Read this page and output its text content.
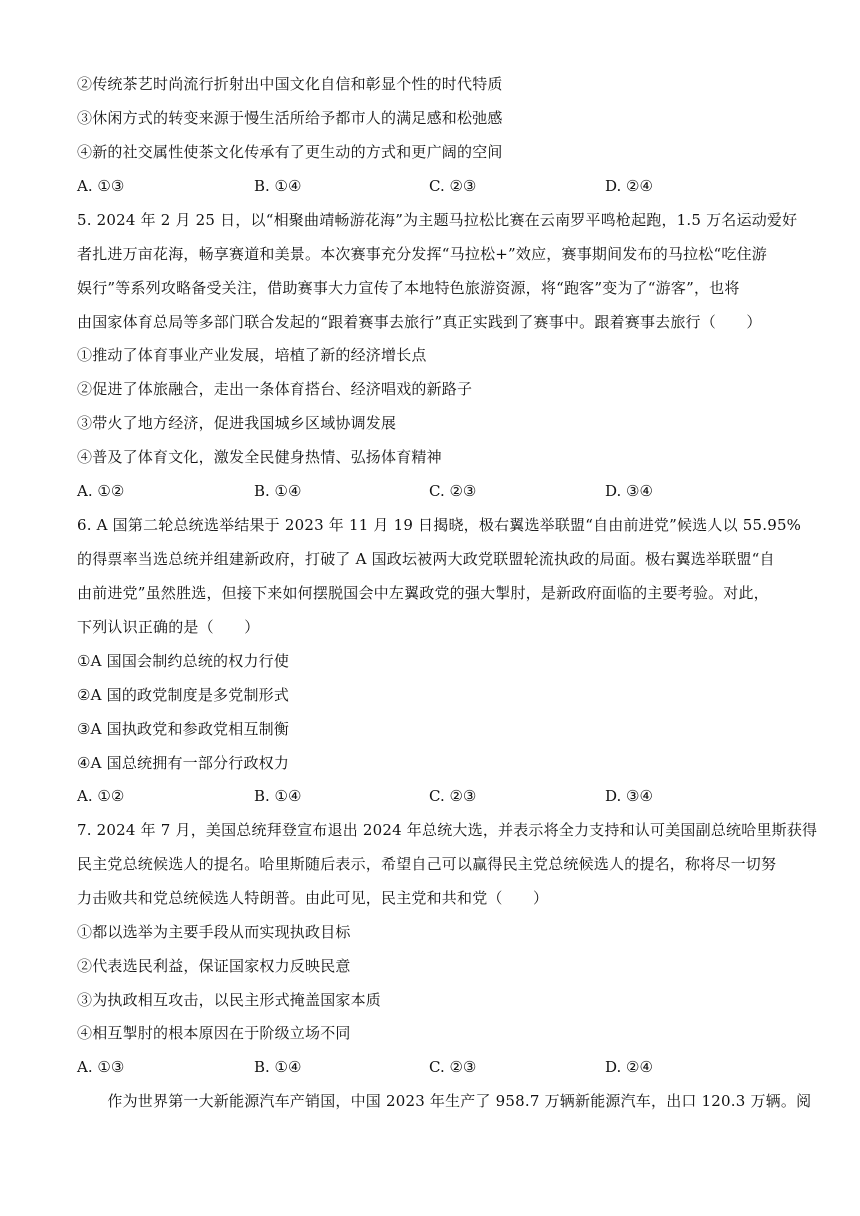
②传统茶艺时尚流行折射出中国文化自信和彰显个性的时代特质
③休闲方式的转变来源于慢生活所给予都市人的满足感和松弛感
④新的社交属性使茶文化传承有了更生动的方式和更广阔的空间
A. ①③	B. ①④	C. ②③	D. ②④
5. 2024 年 2 月 25 日，以“相聚曲靖畅游花海”为主题马拉松比赛在云南罗平鸣枪起跑，1.5 万名运动爱好
者扎进万亩花海，畅享赛道和美景。本次赛事充分发挥“马拉松+”效应，赛事期间发布的马拉松“吃住游
娱行”等系列攻略备受关注，借助赛事大力宣传了本地特色旅游资源，将“跑客”变为了“游客”，也将
由国家体育总局等多部门联合发起的“跟着赛事去旅行”真正实践到了赛事中。跟着赛事去旅行（　　）
①推动了体育事业产业发展，培植了新的经济增长点
②促进了体旅融合，走出一条体育搭台、经济唱戏的新路子
③带火了地方经济，促进我国城乡区域协调发展
④普及了体育文化，激发全民健身热情、弘扬体育精神
A. ①②	B. ①④	C. ②③	D. ③④
6. A 国第二轮总统选举结果于 2023 年 11 月 19 日揭晓，极右翼选举联盟“自由前进党”候选人以 55.95%
的得票率当选总统并组建新政府，打破了 A 国政坛被两大政党联盟轮流执政的局面。极右翼选举联盟“自
由前进党”虽然胜选，但接下来如何摆脱国会中左翼政党的强大掣肘，是新政府面临的主要考验。对此，
下列认识正确的是（　　）
①A 国国会制约总统的权力行使
②A 国的政党制度是多党制形式
③A 国执政党和参政党相互制衡
④A 国总统拥有一部分行政权力
A. ①②	B. ①④	C. ②③	D. ③④
7. 2024 年 7 月，美国总统拜登宣布退出 2024 年总统大选，并表示将全力支持和认可美国副总统哈里斯获得
民主党总统候选人的提名。哈里斯随后表示，希望自己可以赢得民主党总统候选人的提名，称将尽一切努
力击败共和党总统候选人特朗普。由此可见，民主党和共和党（　　）
①都以选举为主要手段从而实现执政目标
②代表选民利益，保证国家权力反映民意
③为执政相互攻击，以民主形式掩盖国家本质
④相互掣肘的根本原因在于阶级立场不同
A. ①③	B. ①④	C. ②③	D. ②④
　　作为世界第一大新能源汽车产销国，中国 2023 年生产了 958.7 万辆新能源汽车，出口 120.3 万辆。阅
